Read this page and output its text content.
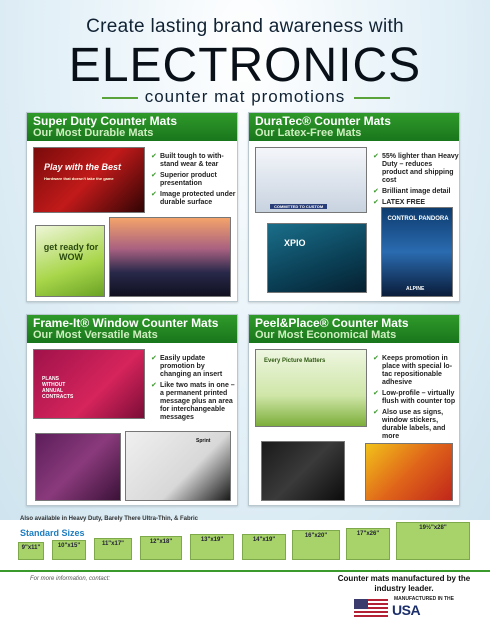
Create lasting brand awareness with
ELECTRONICS
counter mat promotions
Super Duty Counter Mats
Our Most Durable Mats
Play with the Best
Hardware that doesn't take the game
✔ Built tough to with-stand wear & tear
✔ Superior product presentation
✔ Image protected under durable surface
get ready for WOW
DuraTec® Counter Mats
Our Latex-Free Mats
COMMITTED TO CUSTOM
✔ 55% lighter than Heavy Duty – reduces product and shipping cost
✔ Brilliant image detail
✔ LATEX FREE
XPIO
CONTROL PANDORA
ALPINE
Frame-It® Window Counter Mats
Our Most Versatile Mats
PLANS WITHOUT ANNUAL CONTRACTS
✔ Easily update promotion by changing an insert
✔ Like two mats in one – a permanent printed message plus an area for interchangeable messages
Sprint
Peel&Place® Counter Mats
Our Most Economical Mats
Every Picture Matters
✔	Keeps promotion in place with special lo-tac repositionable adhesive
✔ Low-profile – virtually flush with counter top
✔ Also use as signs, window stickers, durable labels, and more
Also available in Heavy Duty, Barely There Ultra-Thin, & Fabric
Standard Sizes
9"x11"	10"x15"	11"x17"	12"x18"	13"x19"	14"x19"
16"x20"	17"x26"
19½"x28"
For more information, contact:	Counter mats manufactured by the industry leader.
MANUFACTURED IN THE
USA
